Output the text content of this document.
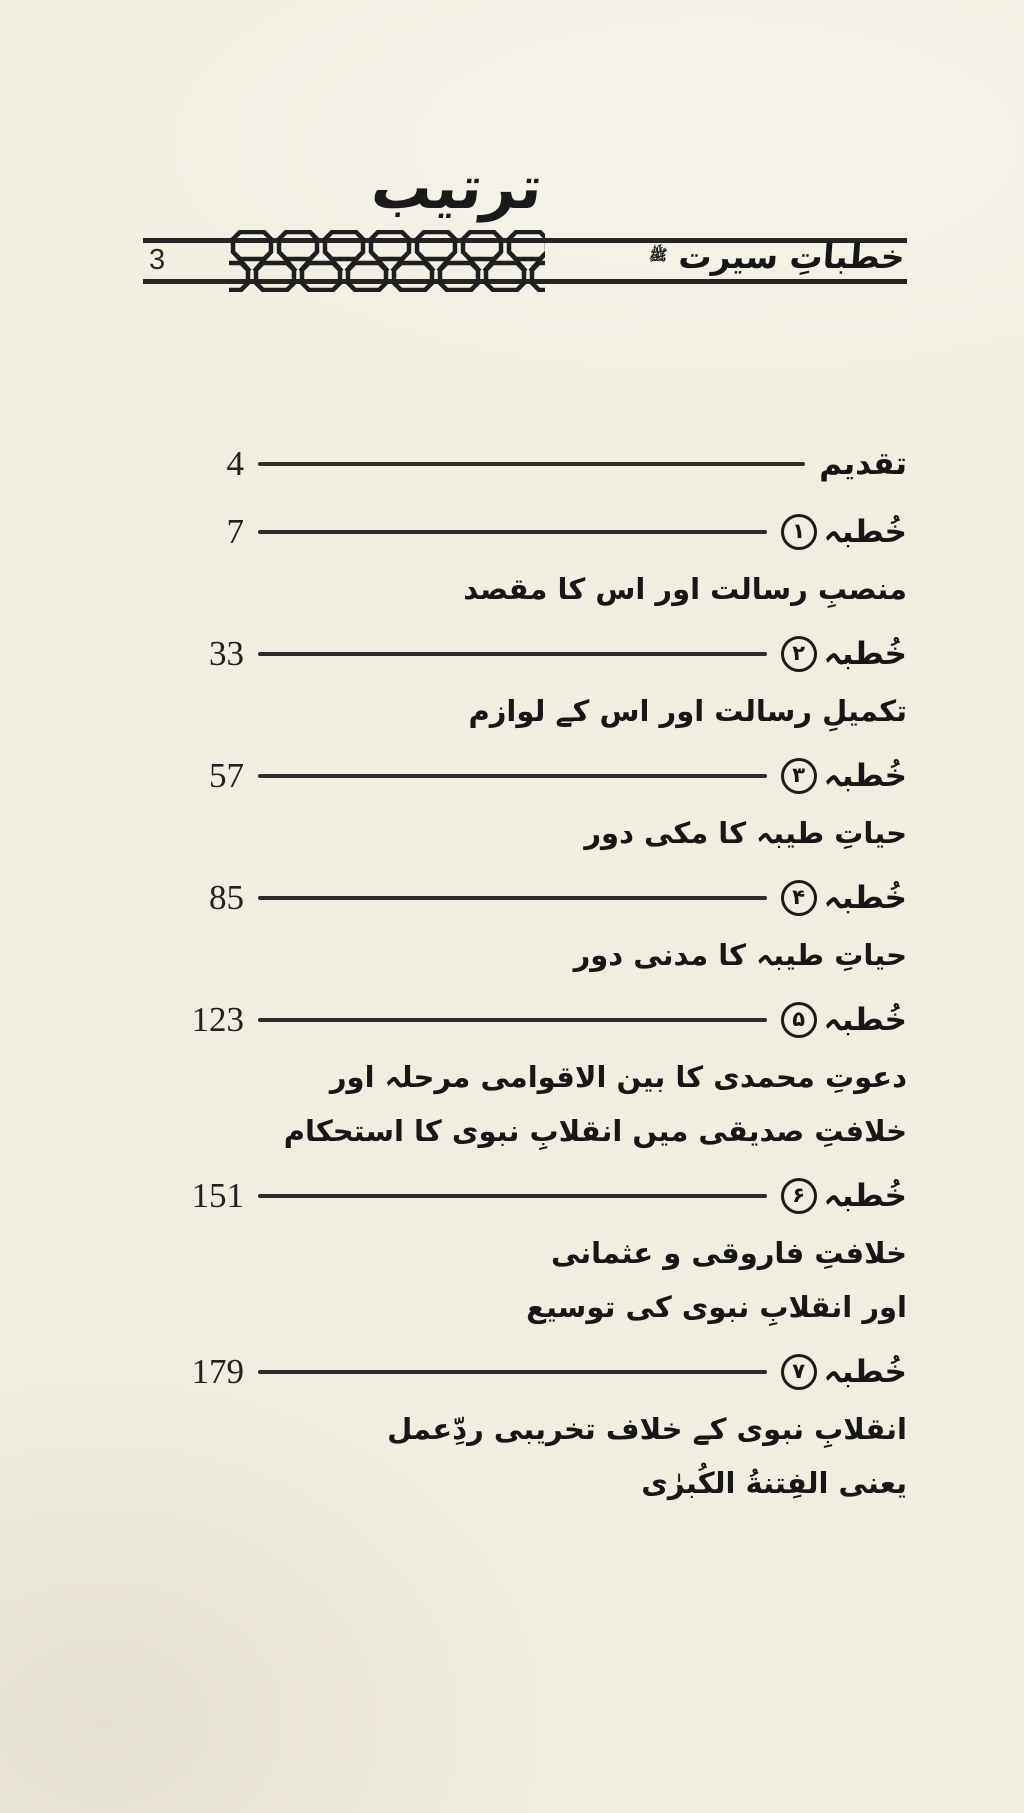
3	خطباتِ سیرت $^ﷺ$
ترتیب
تقدیم
4
خُطبہ
۱
7
منصبِ رسالت اور اس کا مقصد
خُطبہ
۲
33
تکمیلِ رسالت اور اس کے لوازم
خُطبہ
۳
57
حیاتِ طیبہ کا مکی دور
خُطبہ
۴
85
حیاتِ طیبہ کا مدنی دور
خُطبہ
۵
123
دعوتِ محمدی کا بین الاقوامی مرحلہ اور
خلافتِ صدیقی میں انقلابِ نبوی کا استحکام
خُطبہ
۶
151
خلافتِ فاروقی و عثمانی
اور انقلابِ نبوی کی توسیع
خُطبہ
۷
179
انقلابِ نبوی کے خلاف تخریبی ردِّعمل
یعنی الفِتنةُ الکُبرٰی
